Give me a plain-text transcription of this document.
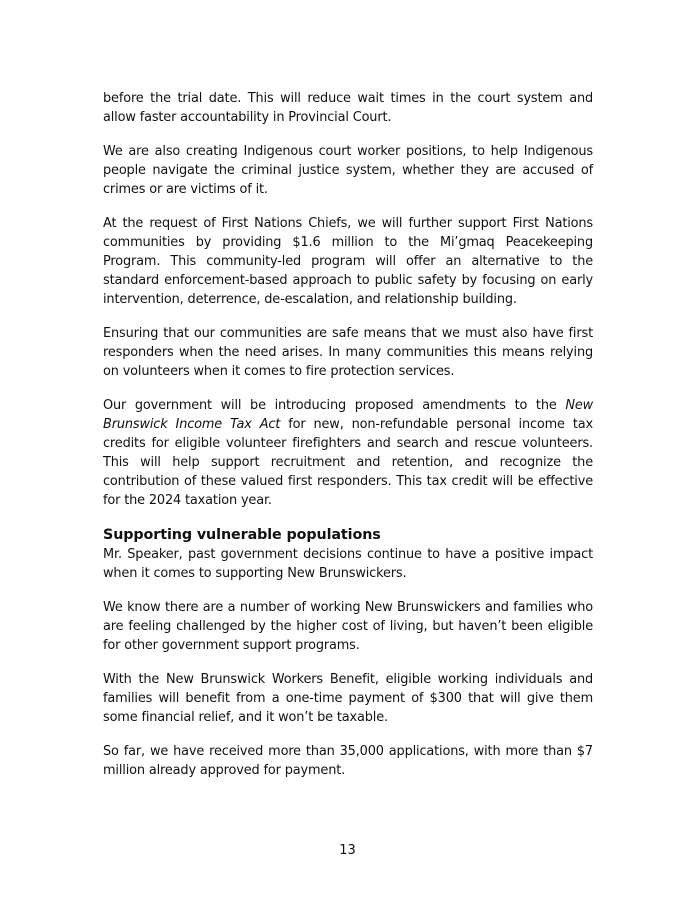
before the trial date. This will reduce wait times in the court system and allow faster accountability in Provincial Court.

We are also creating Indigenous court worker positions, to help Indigenous people navigate the criminal justice system, whether they are accused of crimes or are victims of it.

At the request of First Nations Chiefs, we will further support First Nations communities by providing $1.6 million to the Mi’gmaq Peacekeeping Program. This community-led program will offer an alternative to the standard enforcement-based approach to public safety by focusing on early intervention, deterrence, de-escalation, and relationship building.

Ensuring that our communities are safe means that we must also have first responders when the need arises. In many communities this means relying on volunteers when it comes to fire protection services.

Our government will be introducing proposed amendments to the New Brunswick Income Tax Act for new, non-refundable personal income tax credits for eligible volunteer firefighters and search and rescue volunteers. This will help support recruitment and retention, and recognize the contribution of these valued first responders. This tax credit will be effective for the 2024 taxation year.

Supporting vulnerable populations

Mr. Speaker, past government decisions continue to have a positive impact when it comes to supporting New Brunswickers.

We know there are a number of working New Brunswickers and families who are feeling challenged by the higher cost of living, but haven’t been eligible for other government support programs.

With the New Brunswick Workers Benefit, eligible working individuals and families will benefit from a one-time payment of $300 that will give them some financial relief, and it won’t be taxable.

So far, we have received more than 35,000 applications, with more than $7 million already approved for payment.

13
